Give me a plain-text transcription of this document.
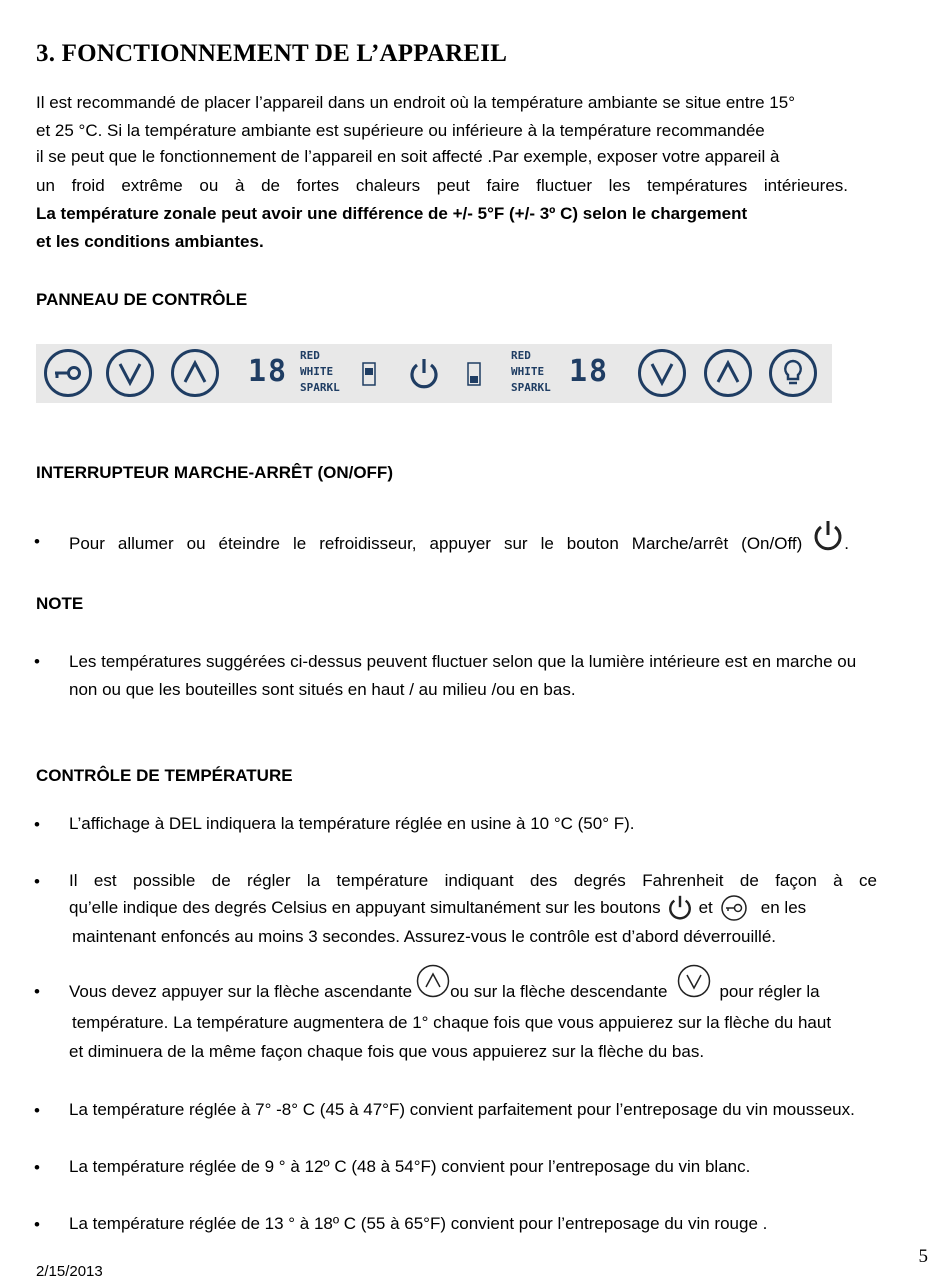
3. FONCTIONNEMENT DE L’APPAREIL
Il est recommandé de placer l’appareil dans un endroit où la température ambiante se situe entre 15°
et 25 °C. Si la température ambiante est supérieure ou inférieure à la température recommandée
il se peut que le fonctionnement de l’appareil en soit affecté .Par exemple, exposer votre appareil à
un froid extrême ou à de fortes chaleurs peut faire fluctuer les températures intérieures.
La température zonale peut avoir une différence de +/- 5°F (+/- 3º C) selon le chargement
et les conditions ambiantes.
PANNEAU DE CONTRÔLE
18 RED
WHITE
SPARKL
RED
WHITE
SPARKL 18
INTERRUPTEUR MARCHE-ARRÊT (ON/OFF)
• Pour allumer ou éteindre le refroidisseur, appuyer sur le bouton Marche/arrêt (On/Off) .
NOTE
• Les températures suggérées ci-dessus peuvent fluctuer selon que la lumière intérieure est en marche ou
non ou que les bouteilles sont situés en haut / au milieu /ou en bas.
CONTRÔLE DE TEMPÉRATURE
• L’affichage à DEL indiquera la température réglée en usine à 10 °C (50° F).
• Il est possible de régler la température indiquant des degrés Fahrenheit de façon à ce
qu’elle indique des degrés Celsius en appuyant simultanément sur les boutons et	en les
maintenant enfoncés au moins 3 secondes. Assurez-vous le contrôle est d’abord déverrouillé.
• Vous devez appuyer sur la flèche ascendante ou sur la flèche descendante	pour régler la
température. La température augmentera de 1° chaque fois que vous appuierez sur la flèche du haut
et diminuera de la même façon chaque fois que vous appuierez sur la flèche du bas.
• La température réglée à 7° -8° C (45 à 47°F) convient parfaitement pour l’entreposage du vin mousseux.
• La température réglée de 9 ° à 12º C (48 à 54°F) convient pour l’entreposage du vin blanc.
• La température réglée de 13 ° à 18º C (55 à 65°F) convient pour l’entreposage du vin rouge .
5
2/15/2013
